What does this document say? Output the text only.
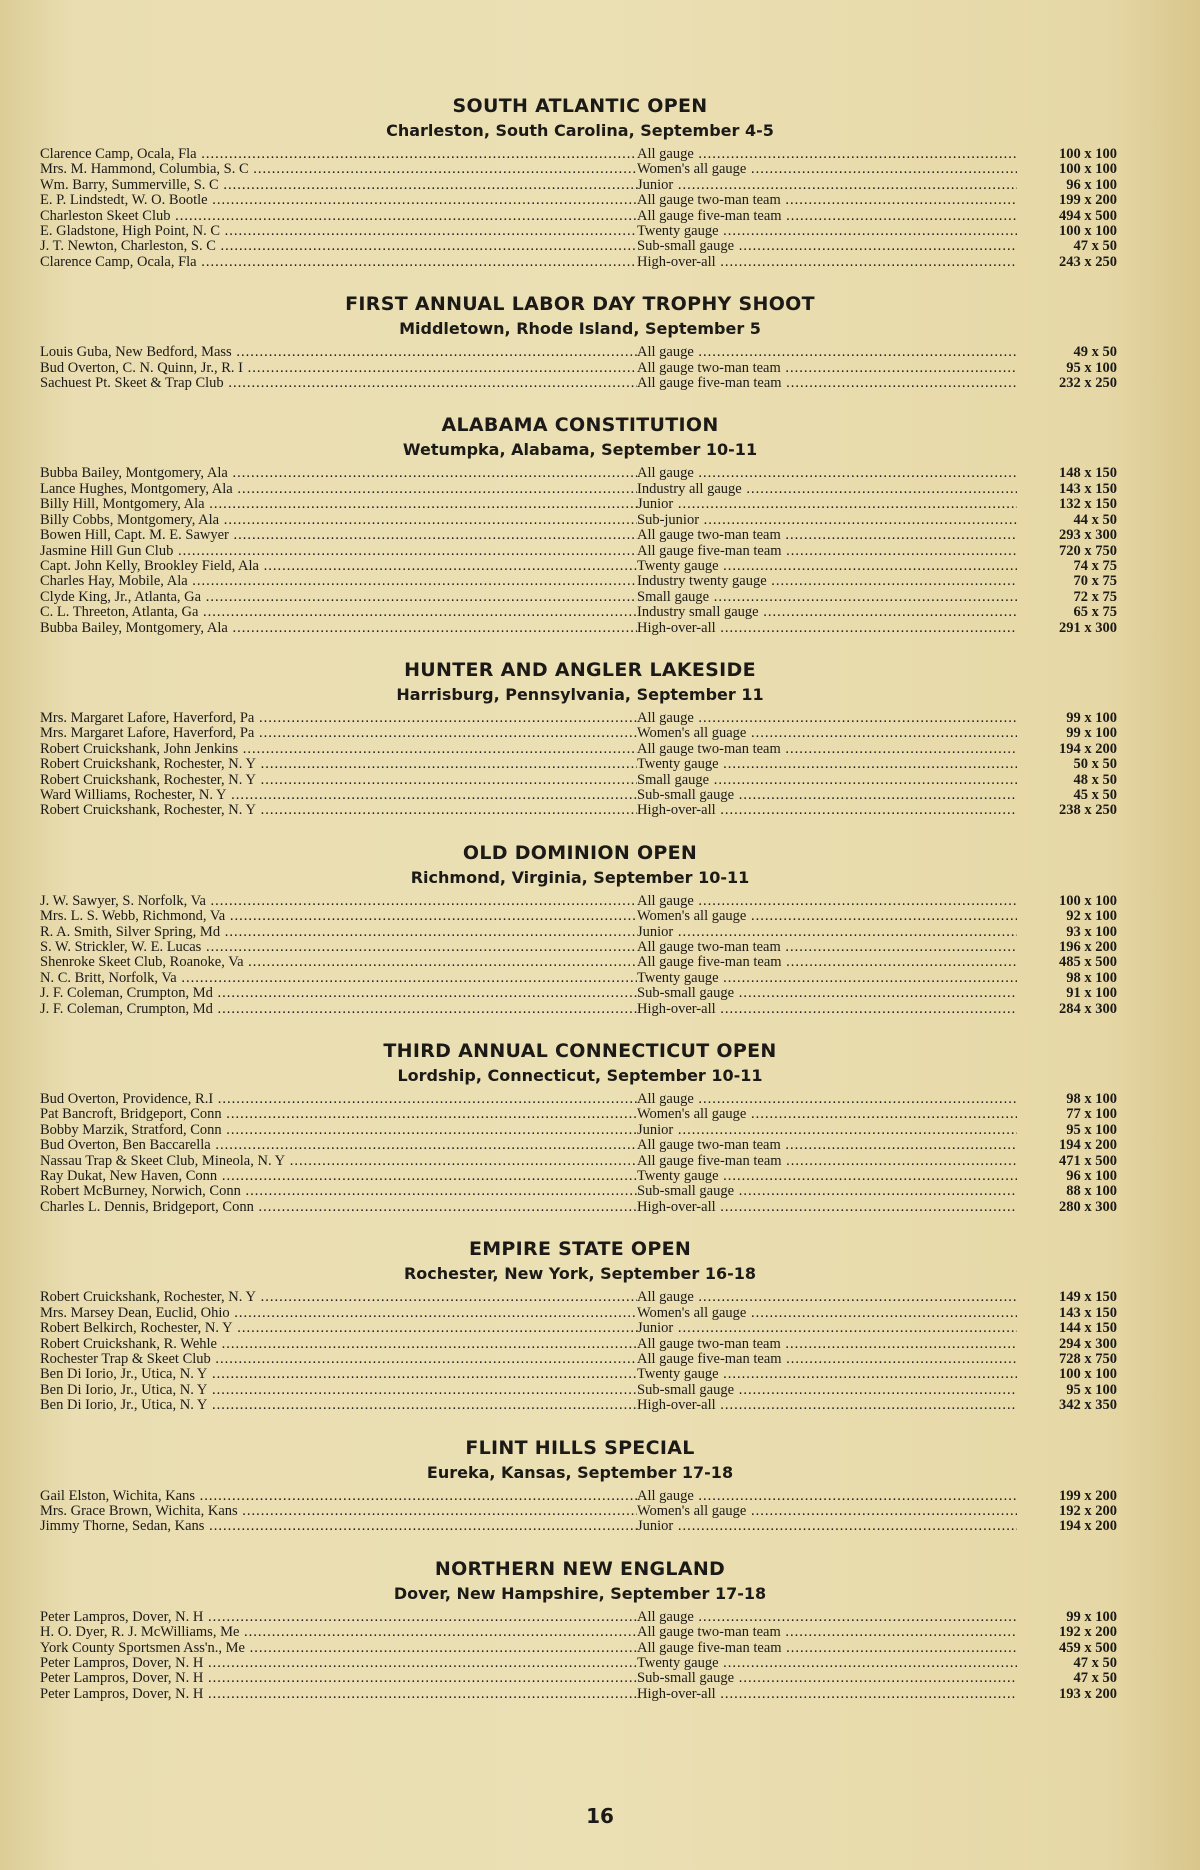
SOUTH ATLANTIC OPEN
Charleston, South Carolina, September 4-5
Clarence Camp, Ocala, Fla .....	All gauge .....	100 x 100
Mrs. M. Hammond, Columbia, S. C .....	Women's all gauge .....	100 x 100
Wm. Barry, Summerville, S. C .....	Junior .....	96 x 100
E. P. Lindstedt, W. O. Bootle .....	All gauge two-man team .....	199 x 200
Charleston Skeet Club .....	All gauge five-man team .....	494 x 500
E. Gladstone, High Point, N. C .....	Twenty gauge .....	100 x 100
J. T. Newton, Charleston, S. C .....	Sub-small gauge .....	47 x 50
Clarence Camp, Ocala, Fla .....	High-over-all .....	243 x 250
FIRST ANNUAL LABOR DAY TROPHY SHOOT
Middletown, Rhode Island, September 5
Louis Guba, New Bedford, Mass .....	All gauge .....	49 x 50
Bud Overton, C. N. Quinn, Jr., R. I .....	All gauge two-man team .....	95 x 100
Sachuest Pt. Skeet & Trap Club .....	All gauge five-man team .....	232 x 250
ALABAMA CONSTITUTION
Wetumpka, Alabama, September 10-11
Bubba Bailey, Montgomery, Ala .....	All gauge .....	148 x 150
Lance Hughes, Montgomery, Ala .....	Industry all gauge .....	143 x 150
Billy Hill, Montgomery, Ala .....	Junior .....	132 x 150
Billy Cobbs, Montgomery, Ala .....	Sub-junior .....	44 x 50
Bowen Hill, Capt. M. E. Sawyer .....	All gauge two-man team .....	293 x 300
Jasmine Hill Gun Club .....	All gauge five-man team .....	720 x 750
Capt. John Kelly, Brookley Field, Ala .....	Twenty gauge .....	74 x 75
Charles Hay, Mobile, Ala .....	Industry twenty gauge .....	70 x 75
Clyde King, Jr., Atlanta, Ga .....	Small gauge .....	72 x 75
C. L. Threeton, Atlanta, Ga .....	Industry small gauge .....	65 x 75
Bubba Bailey, Montgomery, Ala .....	High-over-all .....	291 x 300
HUNTER AND ANGLER LAKESIDE
Harrisburg, Pennsylvania, September 11
Mrs. Margaret Lafore, Haverford, Pa .....	All gauge .....	99 x 100
Mrs. Margaret Lafore, Haverford, Pa .....	Women's all guage .....	99 x 100
Robert Cruickshank, John Jenkins .....	All gauge two-man team .....	194 x 200
Robert Cruickshank, Rochester, N. Y .....	Twenty gauge .....	50 x 50
Robert Cruickshank, Rochester, N. Y .....	Small gauge .....	48 x 50
Ward Williams, Rochester, N. Y .....	Sub-small gauge .....	45 x 50
Robert Cruickshank, Rochester, N. Y .....	High-over-all .....	238 x 250
OLD DOMINION OPEN
Richmond, Virginia, September 10-11
J. W. Sawyer, S. Norfolk, Va .....	All gauge .....	100 x 100
Mrs. L. S. Webb, Richmond, Va .....	Women's all gauge .....	92 x 100
R. A. Smith, Silver Spring, Md .....	Junior .....	93 x 100
S. W. Strickler, W. E. Lucas .....	All gauge two-man team .....	196 x 200
Shenroke Skeet Club, Roanoke, Va .....	All gauge five-man team .....	485 x 500
N. C. Britt, Norfolk, Va .....	Twenty gauge .....	98 x 100
J. F. Coleman, Crumpton, Md .....	Sub-small gauge .....	91 x 100
J. F. Coleman, Crumpton, Md .....	High-over-all .....	284 x 300
THIRD ANNUAL CONNECTICUT OPEN
Lordship, Connecticut, September 10-11
Bud Overton, Providence, R.I .....	All gauge .....	98 x 100
Pat Bancroft, Bridgeport, Conn .....	Women's all gauge .....	77 x 100
Bobby Marzik, Stratford, Conn .....	Junior .....	95 x 100
Bud Overton, Ben Baccarella .....	All gauge two-man team .....	194 x 200
Nassau Trap & Skeet Club, Mineola, N. Y .....	All gauge five-man team .....	471 x 500
Ray Dukat, New Haven, Conn .....	Twenty gauge .....	96 x 100
Robert McBurney, Norwich, Conn .....	Sub-small gauge .....	88 x 100
Charles L. Dennis, Bridgeport, Conn .....	High-over-all .....	280 x 300
EMPIRE STATE OPEN
Rochester, New York, September 16-18
Robert Cruickshank, Rochester, N. Y .....	All gauge .....	149 x 150
Mrs. Marsey Dean, Euclid, Ohio .....	Women's all gauge .....	143 x 150
Robert Belkirch, Rochester, N. Y .....	Junior .....	144 x 150
Robert Cruickshank, R. Wehle .....	All gauge two-man team .....	294 x 300
Rochester Trap & Skeet Club .....	All gauge five-man team .....	728 x 750
Ben Di Iorio, Jr., Utica, N. Y .....	Twenty gauge .....	100 x 100
Ben Di Iorio, Jr., Utica, N. Y .....	Sub-small gauge .....	95 x 100
Ben Di Iorio, Jr., Utica, N. Y .....	High-over-all .....	342 x 350
FLINT HILLS SPECIAL
Eureka, Kansas, September 17-18
Gail Elston, Wichita, Kans .....	All gauge .....	199 x 200
Mrs. Grace Brown, Wichita, Kans .....	Women's all gauge .....	192 x 200
Jimmy Thorne, Sedan, Kans .....	Junior .....	194 x 200
NORTHERN NEW ENGLAND
Dover, New Hampshire, September 17-18
Peter Lampros, Dover, N. H .....	All gauge .....	99 x 100
H. O. Dyer, R. J. McWilliams, Me .....	All gauge two-man team .....	192 x 200
York County Sportsmen Ass'n., Me .....	All gauge five-man team .....	459 x 500
Peter Lampros, Dover, N. H .....	Twenty gauge .....	47 x 50
Peter Lampros, Dover, N. H .....	Sub-small gauge .....	47 x 50
Peter Lampros, Dover, N. H .....	High-over-all .....	193 x 200
16
